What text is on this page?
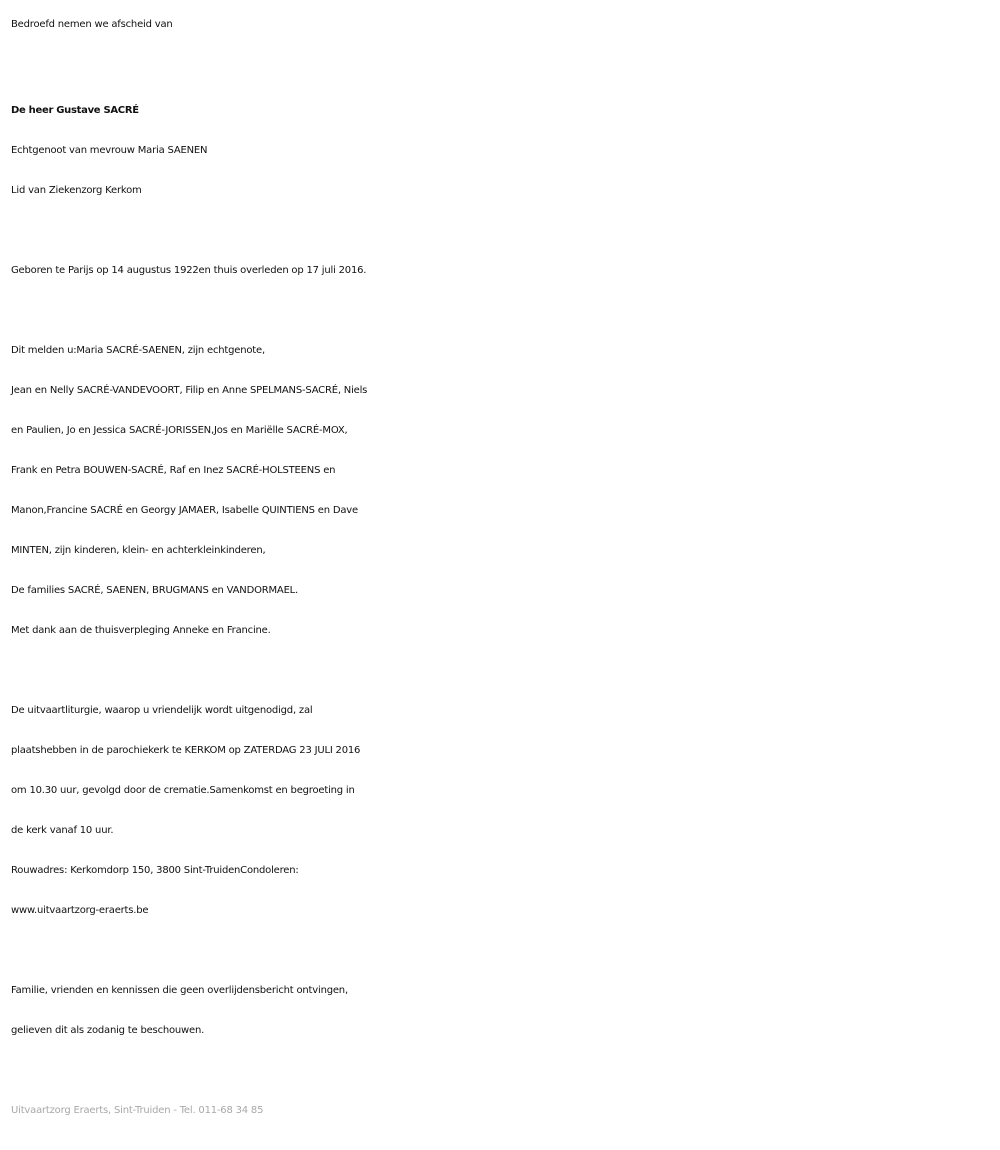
Bedroefd nemen we afscheid van
De heer Gustave SACRÉ
Echtgenoot van mevrouw Maria SAENEN
Lid van Ziekenzorg Kerkom
Geboren te Parijs op 14 augustus 1922en thuis overleden op 17 juli 2016.
Dit melden u:Maria SACRÉ-SAENEN, zijn echtgenote,
Jean en Nelly SACRÉ-VANDEVOORT, Filip en Anne SPELMANS-SACRÉ, Niels
en Paulien, Jo en Jessica SACRÉ-JORISSEN,Jos en Mariëlle SACRÉ-MOX,
Frank en Petra BOUWEN-SACRÉ, Raf en Inez SACRÉ-HOLSTEENS en
Manon,Francine SACRÉ en Georgy JAMAER, Isabelle QUINTIENS en Dave
MINTEN, zijn kinderen, klein- en achterkleinkinderen,
De families SACRÉ, SAENEN, BRUGMANS en VANDORMAEL.
Met dank aan de thuisverpleging Anneke en Francine.
De uitvaartliturgie, waarop u vriendelijk wordt uitgenodigd, zal
plaatshebben in de parochiekerk te KERKOM op ZATERDAG 23 JULI 2016
om 10.30 uur, gevolgd door de crematie.Samenkomst en begroeting in
de kerk vanaf 10 uur.
Rouwadres: Kerkomdorp 150, 3800 Sint-TruidenCondoleren:
www.uitvaartzorg-eraerts.be
Familie, vrienden en kennissen die geen overlijdensbericht ontvingen,
gelieven dit als zodanig te beschouwen.
Uitvaartzorg Eraerts, Sint-Truiden - Tel. 011-68 34 85
